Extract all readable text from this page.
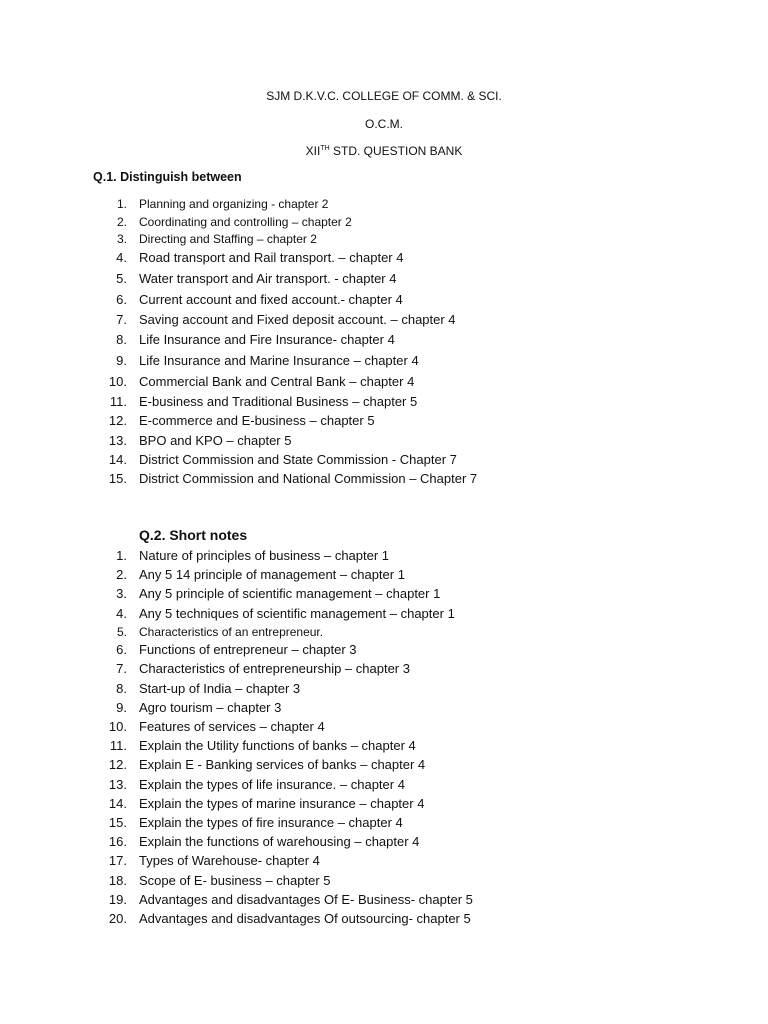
SJM D.K.V.C. COLLEGE OF COMM. & SCI.
O.C.M.
XIITH STD. QUESTION BANK
Q.1. Distinguish between
1. Planning and organizing - chapter 2
2. Coordinating and controlling – chapter 2
3. Directing and Staffing – chapter 2
4. Road transport and Rail transport. – chapter 4
5. Water transport and Air transport. - chapter 4
6. Current account and fixed account.- chapter 4
7. Saving account and Fixed deposit account. – chapter 4
8. Life Insurance and Fire Insurance- chapter 4
9. Life Insurance and Marine Insurance – chapter 4
10. Commercial Bank and Central Bank – chapter 4
11. E-business and Traditional Business – chapter 5
12. E-commerce and E-business – chapter 5
13. BPO and KPO – chapter 5
14. District Commission and State Commission - Chapter 7
15. District Commission and National Commission – Chapter 7
Q.2. Short notes
1. Nature of principles of business – chapter 1
2. Any 5 14 principle of management – chapter 1
3. Any 5 principle of scientific management – chapter 1
4. Any 5 techniques of scientific management – chapter 1
5. Characteristics of an entrepreneur.
6. Functions of entrepreneur – chapter 3
7. Characteristics of entrepreneurship – chapter 3
8. Start-up of India – chapter 3
9. Agro tourism – chapter 3
10. Features of services – chapter 4
11. Explain the Utility functions of banks – chapter 4
12. Explain E - Banking services of banks – chapter 4
13. Explain the types of life insurance. – chapter 4
14. Explain the types of marine insurance – chapter 4
15. Explain the types of fire insurance – chapter 4
16. Explain the functions of warehousing – chapter 4
17. Types of Warehouse- chapter 4
18. Scope of E- business – chapter 5
19. Advantages and disadvantages Of E- Business- chapter 5
20. Advantages and disadvantages Of outsourcing- chapter 5
